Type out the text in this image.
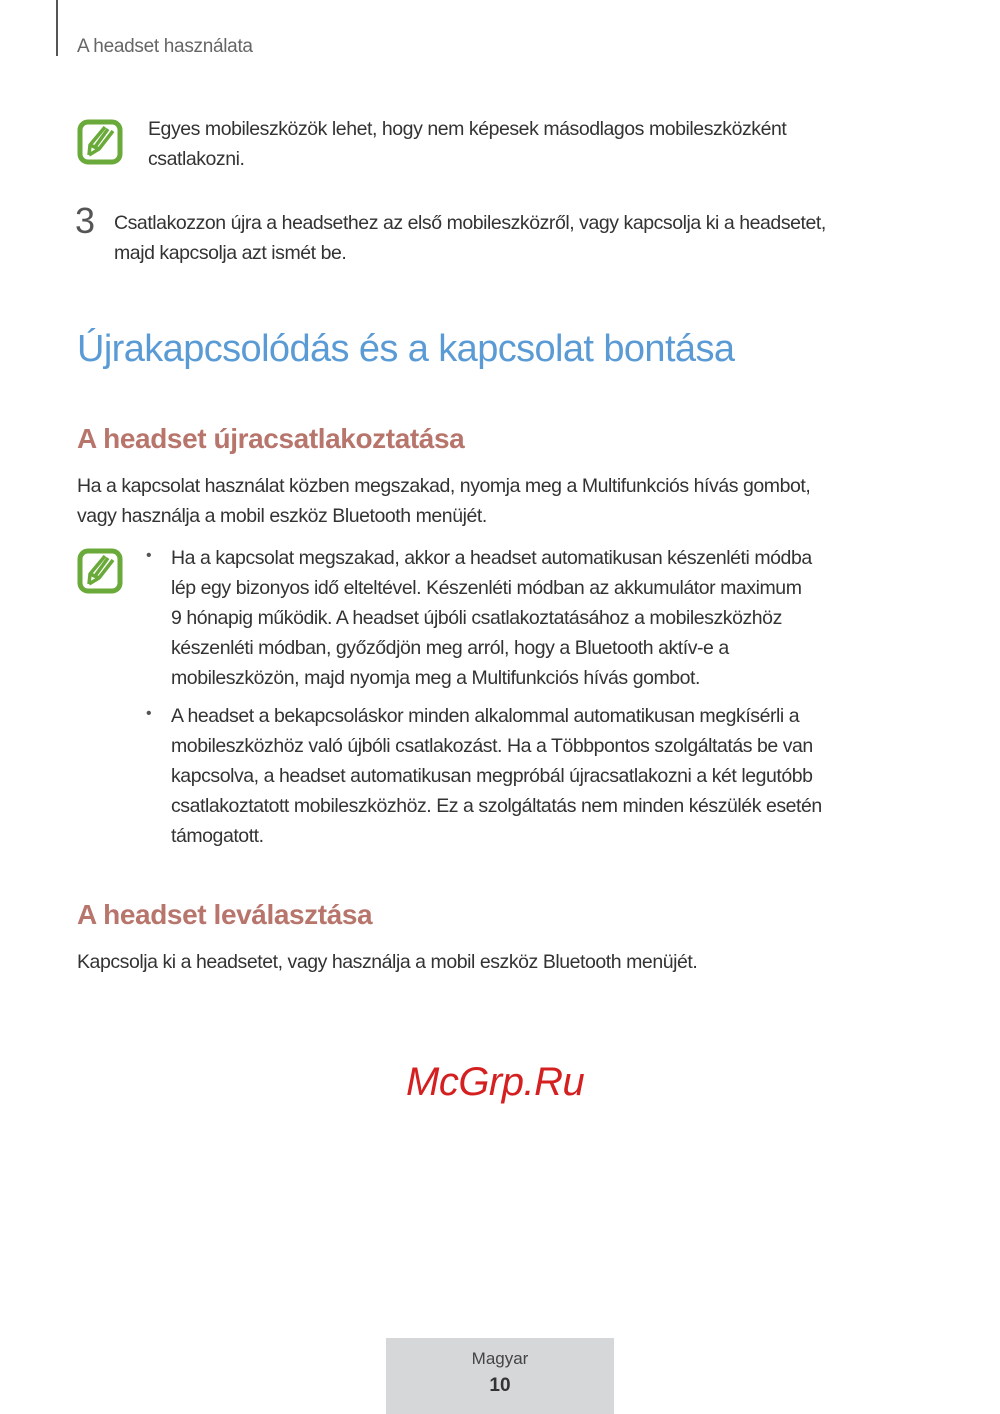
A headset használata
Egyes mobileszközök lehet, hogy nem képesek másodlagos mobileszközként
csatlakozni.
3 Csatlakozzon újra a headsethez az első mobileszközről, vagy kapcsolja ki a headsetet,
majd kapcsolja azt ismét be.
Újrakapcsolódás és a kapcsolat bontása
A headset újracsatlakoztatása
Ha a kapcsolat használat közben megszakad, nyomja meg a Multifunkciós hívás gombot,
vagy használja a mobil eszköz Bluetooth menüjét.
• Ha a kapcsolat megszakad, akkor a headset automatikusan készenléti módba
lép egy bizonyos idő elteltével. Készenléti módban az akkumulátor maximum
9 hónapig működik. A headset újbóli csatlakoztatásához a mobileszközhöz
készenléti módban, győződjön meg arról, hogy a Bluetooth aktív-e a
mobileszközön, majd nyomja meg a Multifunkciós hívás gombot.
• A headset a bekapcsoláskor minden alkalommal automatikusan megkísérli a
mobileszközhöz való újbóli csatlakozást. Ha a Többpontos szolgáltatás be van
kapcsolva, a headset automatikusan megpróbál újracsatlakozni a két legutóbb
csatlakoztatott mobileszközhöz. Ez a szolgáltatás nem minden készülék esetén
támogatott.
A headset leválasztása
Kapcsolja ki a headsetet, vagy használja a mobil eszköz Bluetooth menüjét.
McGrp.Ru
Magyar
10
